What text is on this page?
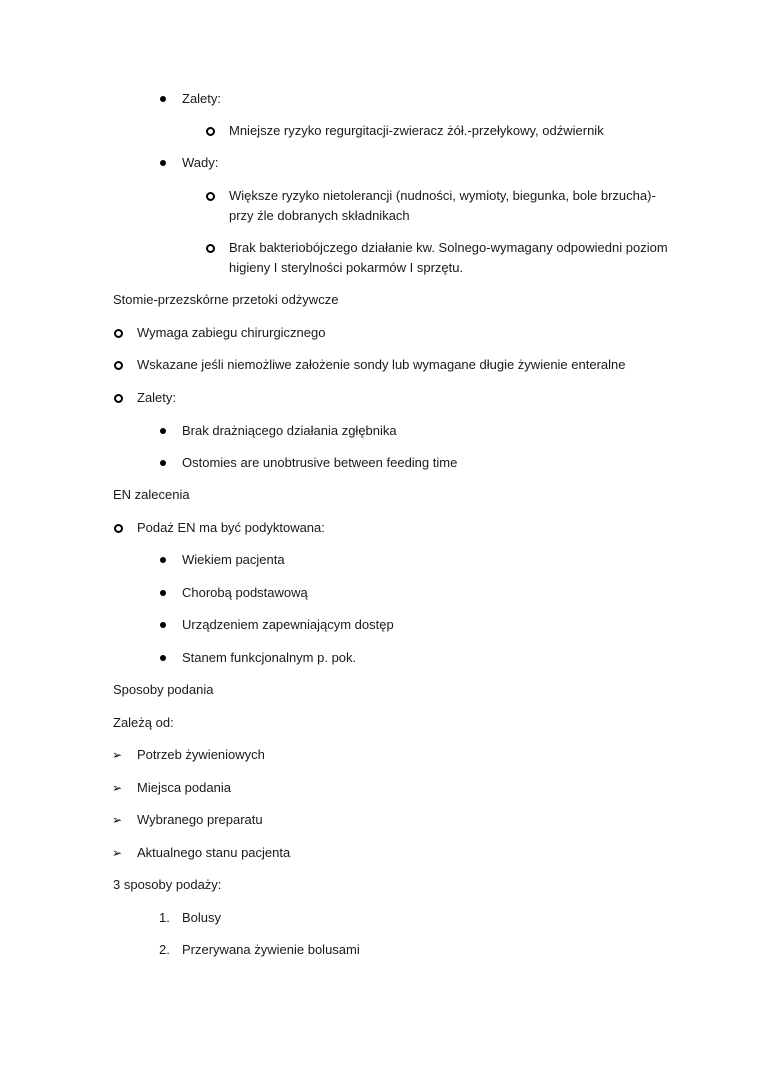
Zalety:
Mniejsze ryzyko regurgitacji-zwieracz żół.-przełykowy, odźwiernik
Wady:
Większe ryzyko nietolerancji (nudności, wymioty, biegunka, bole brzucha)-
przy źle dobranych składnikach
Brak bakteriobójczego działanie kw. Solnego-wymagany odpowiedni poziom
higieny I sterylności pokarmów I sprzętu.
Stomie-przezskórne przetoki odżywcze
Wymaga zabiegu chirurgicznego
Wskazane jeśli niemożliwe założenie sondy lub wymagane długie żywienie enteralne
Zalety:
Brak drażniącego działania zgłębnika
Ostomies are unobtrusive between feeding time
EN zalecenia
Podaż EN ma być podyktowana:
Wiekiem pacjenta
Chorobą podstawową
Urządzeniem zapewniającym dostęp
Stanem funkcjonalnym p. pok.
Sposoby podania
Zależą od:
➢ Potrzeb żywieniowych
➢ Miejsca podania
➢ Wybranego preparatu
➢ Aktualnego stanu pacjenta
3 sposoby podaży:
1. Bolusy
2. Przerywana żywienie bolusami
